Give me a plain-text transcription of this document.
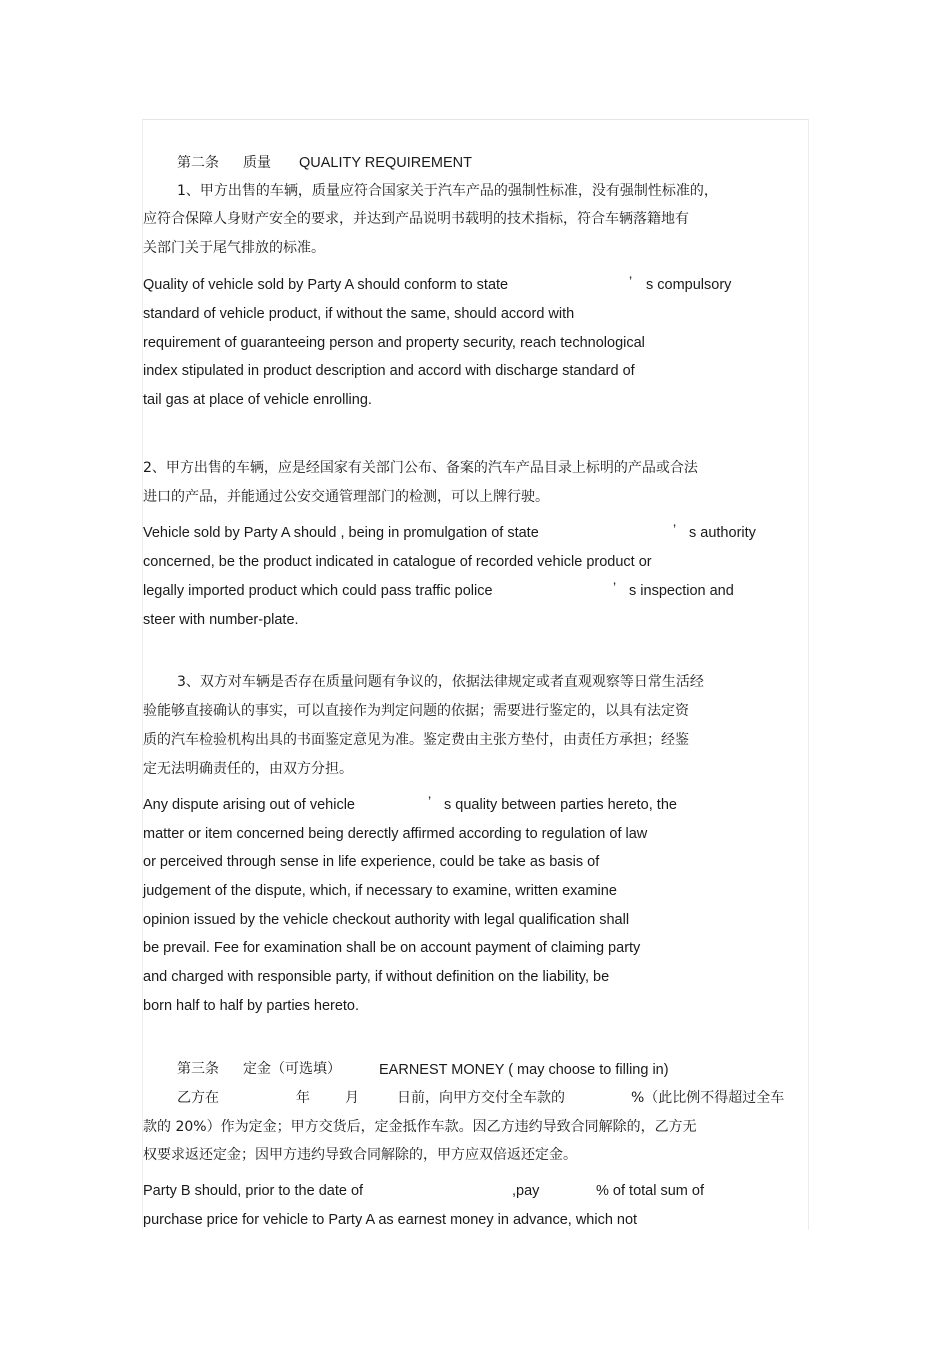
第二条 质量 QUALITY REQUIREMENT
1、甲方出售的车辆，质量应符合国家关于汽车产品的强制性标准，没有强制性标准的，
应符合保障人身财产安全的要求，并达到产品说明书载明的技术指标，符合车辆落籍地有
关部门关于尾气排放的标准。
Quality of vehicle sold by Party A should conform to state	’ s compulsory
standard of vehicle product, if without the same, should accord with
requirement of guaranteeing person and property security, reach technological
index stipulated in product description and accord with discharge standard of
tail gas at place of vehicle enrolling.
2、甲方出售的车辆，应是经国家有关部门公布、备案的汽车产品目录上标明的产品或合法
进口的产品，并能通过公安交通管理部门的检测，可以上牌行驶。
Vehicle sold by Party A should , being in promulgation of state	’ s authority
concerned, be the product indicated in catalogue of recorded vehicle product or
legally imported product which could pass traffic police	’ s inspection and
steer with number-plate.
3、双方对车辆是否存在质量问题有争议的，依据法律规定或者直观观察等日常生活经
验能够直接确认的事实，可以直接作为判定问题的依据；需要进行鉴定的，以具有法定资
质的汽车检验机构出具的书面鉴定意见为准。鉴定费由主张方垫付，由责任方承担；经鉴
定无法明确责任的，由双方分担。
Any dispute arising out of vehicle	’ s quality between parties hereto, the
matter or item concerned being derectly affirmed according to regulation of law
or perceived through sense in life experience, could be take as basis of
judgement of the dispute, which, if necessary to examine, written examine
opinion issued by the vehicle checkout authority with legal qualification shall
be prevail. Fee for examination shall be on account payment of claiming party
and charged with responsible party, if without definition on the liability, be
born half to half by parties hereto.
第三条 定金（可选填）	EARNEST MONEY ( may choose to filling in)
乙方在	年	月	日前，向甲方交付全车款的	%（此比例不得超过全车
款的 20%）作为定金；甲方交货后，定金抵作车款。因乙方违约导致合同解除的，乙方无
权要求返还定金；因甲方违约导致合同解除的，甲方应双倍返还定金。
Party B should, prior to the date of	,pay	% of total sum of
purchase price for vehicle to Party A as earnest money in advance, which not
